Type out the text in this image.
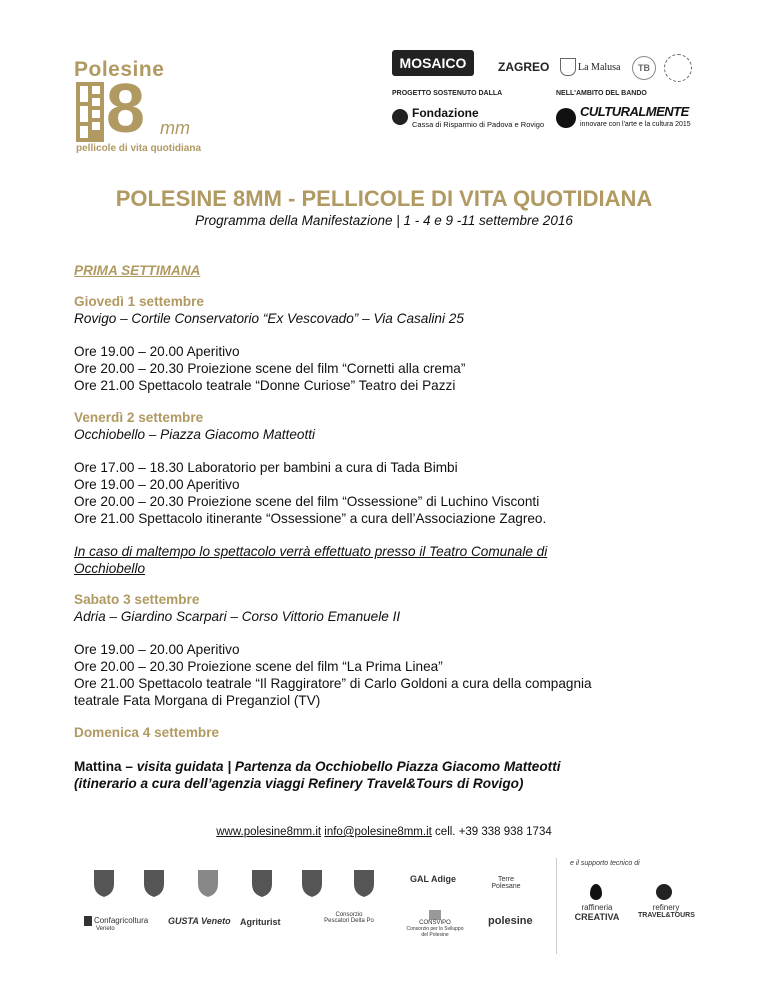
Polesine
8 mm
pellicole di vita quotidiana
MOSAICO	ZAGREO	La Malusa	TB
PROGETTO SOSTENUTO DALLA
Fondazione
Cassa di Risparmio di Padova e Rovigo
NELL'AMBITO DEL BANDO
CULTURALMENTE
innovare con l'arte e la cultura 2015
POLESINE 8MM - PELLICOLE DI VITA QUOTIDIANA
Programma della Manifestazione | 1 - 4 e 9 -11 settembre 2016
PRIMA SETTIMANA
Giovedì 1 settembre
Rovigo – Cortile Conservatorio “Ex Vescovado” – Via Casalini 25
Ore 19.00 – 20.00 Aperitivo
Ore 20.00 – 20.30 Proiezione scene del film “Cornetti alla crema”
Ore 21.00 Spettacolo teatrale “Donne Curiose” Teatro dei Pazzi
Venerdì 2 settembre
Occhiobello – Piazza Giacomo Matteotti
Ore 17.00 – 18.30 Laboratorio per bambini a cura di Tada Bimbi
Ore 19.00 – 20.00 Aperitivo
Ore 20.00 – 20.30 Proiezione scene del film “Ossessione” di Luchino Visconti
Ore 21.00 Spettacolo itinerante “Ossessione” a cura dell’Associazione Zagreo.
In caso di maltempo lo spettacolo verrà effettuato presso il Teatro Comunale di
Occhiobello
Sabato 3 settembre
Adria – Giardino Scarpari – Corso Vittorio Emanuele II
Ore 19.00 – 20.00 Aperitivo
Ore 20.00 – 20.30 Proiezione scene del film “La Prima Linea”
Ore 21.00 Spettacolo teatrale “Il Raggiratore” di Carlo Goldoni a cura della compagnia
teatrale Fata Morgana di Preganziol (TV)
Domenica 4 settembre
Mattina – visita guidata | Partenza da Occhiobello Piazza Giacomo Matteotti
(itinerario a cura dell’agenzia viaggi Refinery Travel&Tours di Rovigo)
www.polesine8mm.it info@polesine8mm.it cell. +39 338 938 1734
GAL Adige	Terre Polesane
e il supporto tecnico di
raffineria
CREATIVA
refinery
TRAVEL&TOURS
Confagricoltura
Veneto
GUSTA Veneto Agriturist
Consorzio Pescatori Delta Po	CONSVIPO
Consorzio per lo Sviluppo del Polesine
polesine
